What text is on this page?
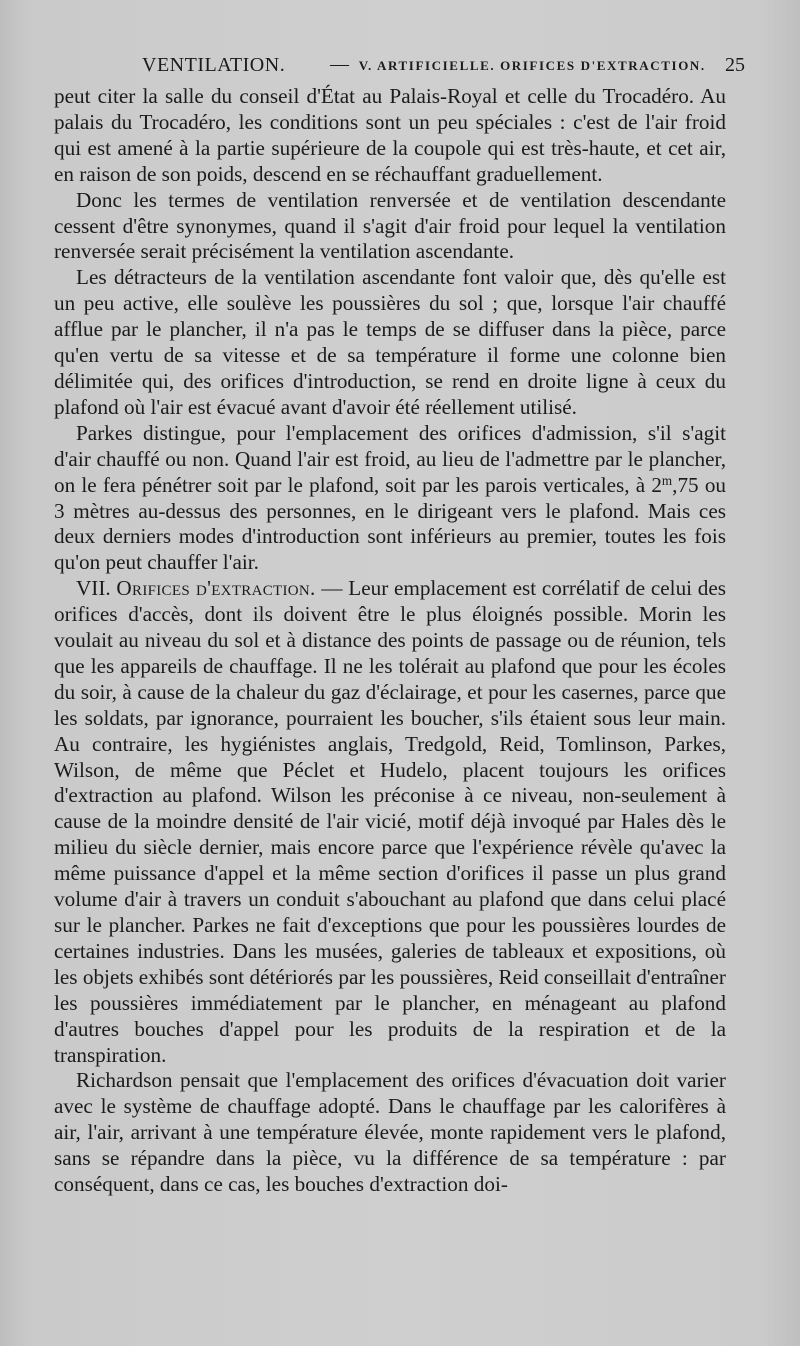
VENTILATION. — V. ARTIFICIELLE. ORIFICES D'EXTRACTION. 25

peut citer la salle du conseil d'État au Palais-Royal et celle du Trocadéro. Au palais du Trocadéro, les conditions sont un peu spéciales : c'est de l'air froid qui est amené à la partie supérieure de la coupole qui est très-haute, et cet air, en raison de son poids, descend en se réchauffant graduellement.

Donc les termes de ventilation renversée et de ventilation descendante cessent d'être synonymes, quand il s'agit d'air froid pour lequel la ventilation renversée serait précisément la ventilation ascendante.

Les détracteurs de la ventilation ascendante font valoir que, dès qu'elle est un peu active, elle soulève les poussières du sol ; que, lorsque l'air chauffé afflue par le plancher, il n'a pas le temps de se diffuser dans la pièce, parce qu'en vertu de sa vitesse et de sa température il forme une colonne bien délimitée qui, des orifices d'introduction, se rend en droite ligne à ceux du plafond où l'air est évacué avant d'avoir été réellement utilisé.

Parkes distingue, pour l'emplacement des orifices d'admission, s'il s'agit d'air chauffé ou non. Quand l'air est froid, au lieu de l'admettre par le plancher, on le fera pénétrer soit par le plafond, soit par les parois verticales, à 2$^m$,75 ou 3 mètres au-dessus des personnes, en le dirigeant vers le plafond. Mais ces deux derniers modes d'introduction sont inférieurs au premier, toutes les fois qu'on peut chauffer l'air.

VII. Orifices d'extraction. — Leur emplacement est corrélatif de celui des orifices d'accès, dont ils doivent être le plus éloignés possible. Morin les voulait au niveau du sol et à distance des points de passage ou de réunion, tels que les appareils de chauffage. Il ne les tolérait au plafond que pour les écoles du soir, à cause de la chaleur du gaz d'éclairage, et pour les casernes, parce que les soldats, par ignorance, pourraient les boucher, s'ils étaient sous leur main. Au contraire, les hygiénistes anglais, Tredgold, Reid, Tomlinson, Parkes, Wilson, de même que Péclet et Hudelo, placent toujours les orifices d'extraction au plafond. Wilson les préconise à ce niveau, non-seulement à cause de la moindre densité de l'air vicié, motif déjà invoqué par Hales dès le milieu du siècle dernier, mais encore parce que l'expérience révèle qu'avec la même puissance d'appel et la même section d'orifices il passe un plus grand volume d'air à travers un conduit s'abouchant au plafond que dans celui placé sur le plancher. Parkes ne fait d'exceptions que pour les poussières lourdes de certaines industries. Dans les musées, galeries de tableaux et expositions, où les objets exhibés sont détériorés par les poussières, Reid conseillait d'entraîner les poussières immédiatement par le plancher, en ménageant au plafond d'autres bouches d'appel pour les produits de la respiration et de la transpiration.

Richardson pensait que l'emplacement des orifices d'évacuation doit varier avec le système de chauffage adopté. Dans le chauffage par les calorifères à air, l'air, arrivant à une température élevée, monte rapidement vers le plafond, sans se répandre dans la pièce, vu la différence de sa température : par conséquent, dans ce cas, les bouches d'extraction doi-
